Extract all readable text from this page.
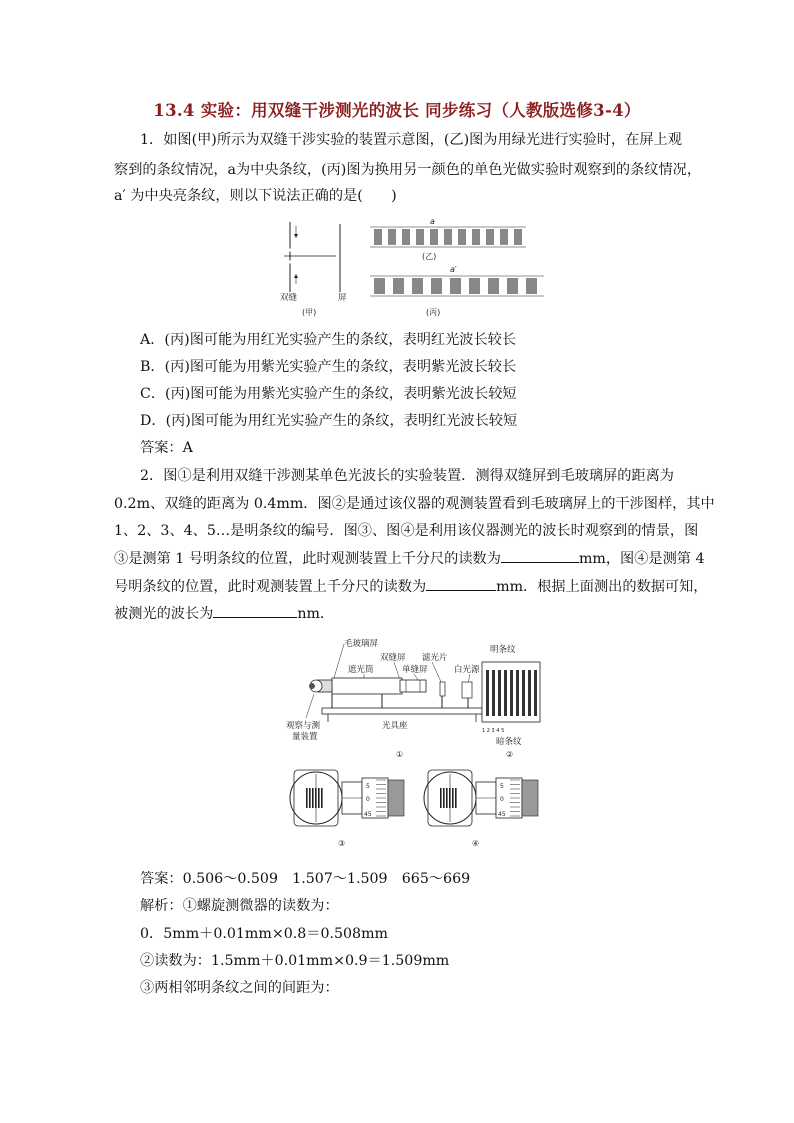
13.4 实验：用双缝干涉测光的波长 同步练习（人教版选修3-4）
1．如图(甲)所示为双缝干涉实验的装置示意图，(乙)图为用绿光进行实验时，在屏上观
察到的条纹情况，a为中央条纹，(丙)图为换用另一颜色的单色光做实验时观察到的条纹情况，
a′ 为中央亮条纹，则以下说法正确的是(　　)
双缝	屏
(甲)
a
(乙)
a′
(丙)
A．(丙)图可能为用红光实验产生的条纹，表明红光波长较长
B．(丙)图可能为用紫光实验产生的条纹，表明紫光波长较长
C．(丙)图可能为用紫光实验产生的条纹，表明紫光波长较短
D．(丙)图可能为用红光实验产生的条纹，表明红光波长较短
答案：A
2．图①是利用双缝干涉测某单色光波长的实验装置．测得双缝屏到毛玻璃屏的距离为
0.2m、双缝的距离为 0.4mm．图②是通过该仪器的观测装置看到毛玻璃屏上的干涉图样，其中
1、2、3、4、5…是明条纹的编号．图③、图④是利用该仪器测光的波长时观察到的情景，图
③是测第 1 号明条纹的位置，此时观测装置上千分尺的读数为	mm，图④是测第 4
号明条纹的位置，此时观测装置上千分尺的读数为	mm．根据上面测出的数据可知，
被测光的波长为	nm.
毛玻璃屏
双缝屏 滤光片
遮光筒	单缝屏	白光源
观察与测
量装置
光具座
①
明条纹
1 2 3 4 5
暗条纹
②
5
0
45
③
5
0
45
④
答案：0.506～0.509　1.507～1.509　665～669
解析：①螺旋测微器的读数为：
0．5mm＋0.01mm×0.8＝0.508mm
②读数为：1.5mm＋0.01mm×0.9＝1.509mm
③两相邻明条纹之间的间距为：
